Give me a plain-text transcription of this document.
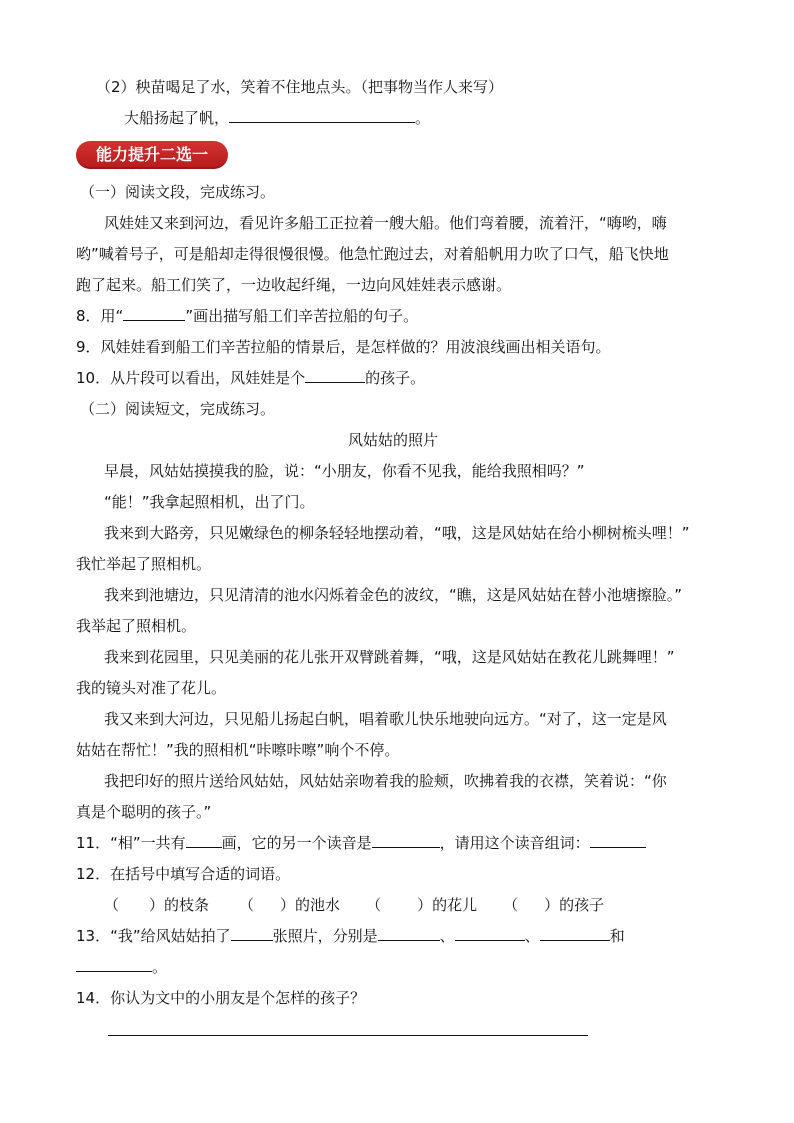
（2）秧苗喝足了水，笑着不住地点头。（把事物当作人来写）
大船扬起了帆，	。
能力提升二选一
（一）阅读文段，完成练习。
风娃娃又来到河边，看见许多船工正拉着一艘大船。他们弯着腰，流着汗，“嗨哟，嗨
哟”喊着号子，可是船却走得很慢很慢。他急忙跑过去，对着船帆用力吹了口气，船飞快地
跑了起来。船工们笑了，一边收起纤绳，一边向风娃娃表示感谢。
8．用“	”画出描写船工们辛苦拉船的句子。
9．风娃娃看到船工们辛苦拉船的情景后，是怎样做的？用波浪线画出相关语句。
10．从片段可以看出，风娃娃是个	的孩子。
（二）阅读短文，完成练习。
风姑姑的照片
早晨，风姑姑摸摸我的脸，说：“小朋友，你看不见我，能给我照相吗？”
“能！”我拿起照相机，出了门。
我来到大路旁，只见嫩绿色的柳条轻轻地摆动着，“哦，这是风姑姑在给小柳树梳头哩！”
我忙举起了照相机。
我来到池塘边，只见清清的池水闪烁着金色的波纹，“瞧，这是风姑姑在替小池塘擦脸。”
我举起了照相机。
我来到花园里，只见美丽的花儿张开双臂跳着舞，“哦，这是风姑姑在教花儿跳舞哩！”
我的镜头对准了花儿。
我又来到大河边，只见船儿扬起白帆，唱着歌儿快乐地驶向远方。“对了，这一定是风
姑姑在帮忙！”我的照相机“咔嚓咔嚓”响个不停。
我把印好的照片送给风姑姑，风姑姑亲吻着我的脸颊，吹拂着我的衣襟，笑着说：“你
真是个聪明的孩子。”
11．“相”一共有 画，它的另一个读音是	，请用这个读音组词：
12．在括号中填写合适的词语。
（ ）的枝条 （ ）的池水 （ ）的花儿 （ ）的孩子
13．“我”给风姑姑拍了	张照片，分别是	、	、	和
。
14．你认为文中的小朋友是个怎样的孩子？
